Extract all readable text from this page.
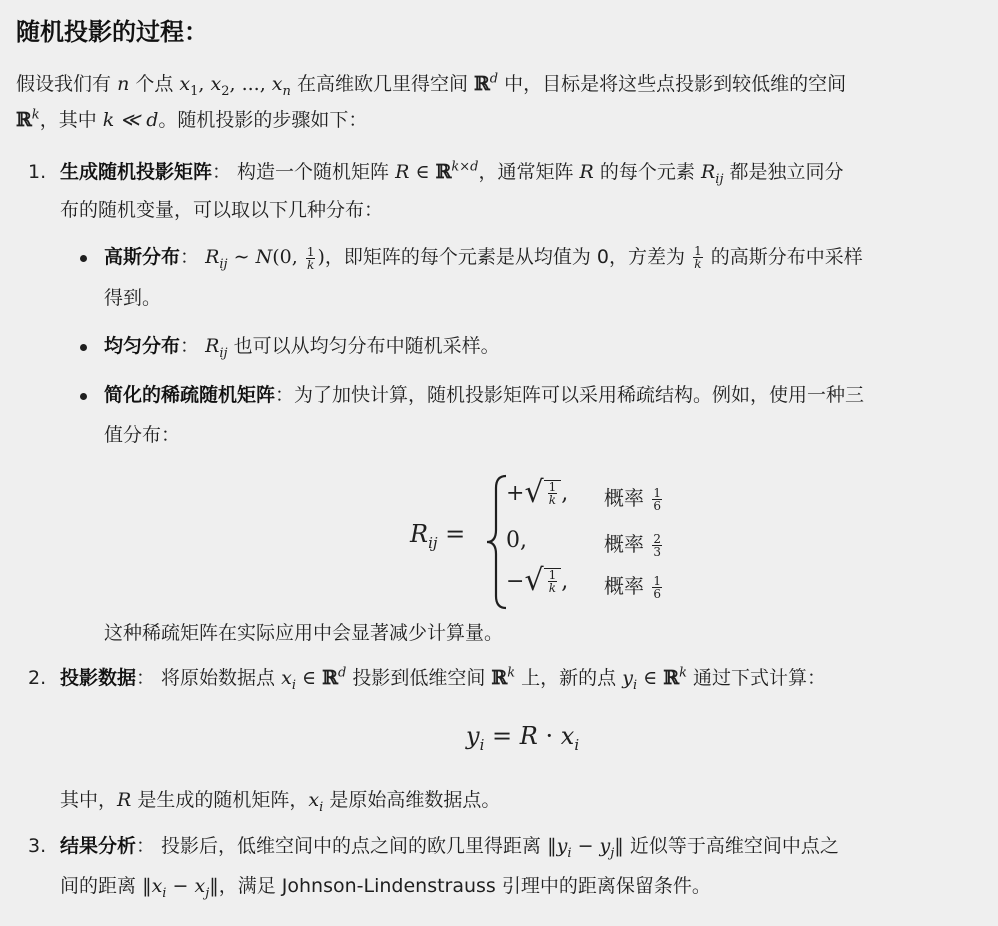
随机投影的过程：
假设我们有 n 个点 $x_1$, $x_2$, ..., $x_n$ 在高维欧几里得空间 ℝ$^d$ 中，目标是将这些点投影到较低维的空间
ℝ$^k$，其中 k ≪ d。随机投影的步骤如下：
1. 生成随机投影矩阵： 构造一个随机矩阵 R ∈ ℝ$^{k\times d}$，通常矩阵 R 的每个元素 $R_{ij}$ 都是独立同分
布的随机变量，可以取以下几种分布：
高斯分布： $R_{ij}$ ∼ N(0, $\frac{1}{k}$ )，即矩阵的每个元素是从均值为 0，方差为 $\frac{1}{k}$ 的高斯分布中采样
得到。
均匀分布： $R_{ij}$ 也可以从均匀分布中随机采样。
简化的稀疏随机矩阵：为了加快计算，随机投影矩阵可以采用稀疏结构。例如，使用一种三
值分布：
$R_{ij}$ =
+ √ $\frac{1}{k}$ , 概率 $\frac{1}{6}$
0,	概率 $\frac{2}{3}$
− √ $\frac{1}{k}$ , 概率 $\frac{1}{6}$
这种稀疏矩阵在实际应用中会显著减少计算量。
2. 投影数据： 将原始数据点 $x_i$ ∈ ℝ$^d$ 投影到低维空间 ℝ$^k$ 上，新的点 $y_i$ ∈ ℝ$^k$ 通过下式计算：
$y_i = R \cdot x_i$
其中，R 是生成的随机矩阵，$x_i$ 是原始高维数据点。
3. 结果分析： 投影后，低维空间中的点之间的欧几里得距离 $‖y_i$ − $y_j‖$ 近似等于高维空间中点之
间的距离 $‖x_i$ − $x_j‖$，满足 Johnson-Lindenstrauss 引理中的距离保留条件。
